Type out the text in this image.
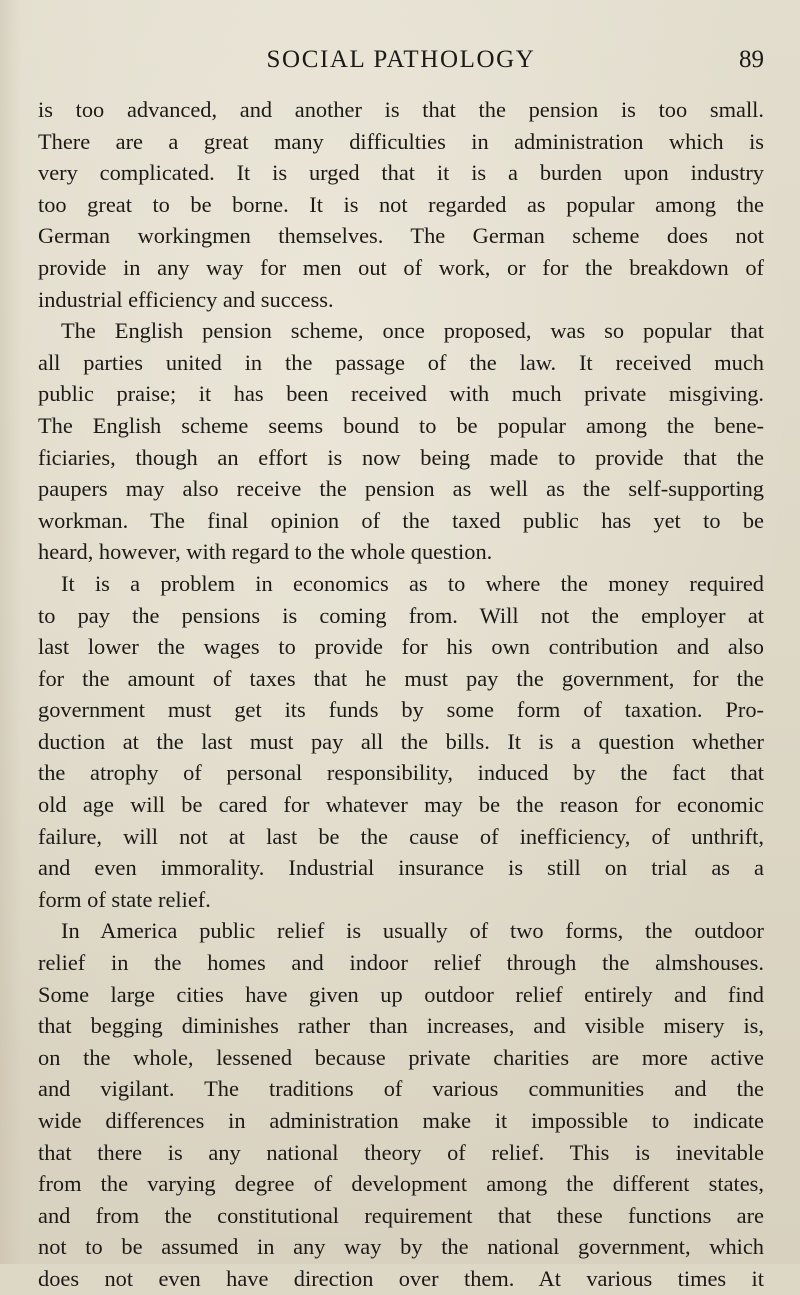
SOCIAL PATHOLOGY	89
is too advanced, and another is that the pension is too small.
There are a great many difficulties in administration which is
very complicated. It is urged that it is a burden upon industry
too great to be borne. It is not regarded as popular among the
German workingmen themselves. The German scheme does not
provide in any way for men out of work, or for the breakdown of
industrial efficiency and success.
The English pension scheme, once proposed, was so popular that
all parties united in the passage of the law. It received much
public praise; it has been received with much private misgiving.
The English scheme seems bound to be popular among the bene-
ficiaries, though an effort is now being made to provide that the
paupers may also receive the pension as well as the self-supporting
workman. The final opinion of the taxed public has yet to be
heard, however, with regard to the whole question.
It is a problem in economics as to where the money required
to pay the pensions is coming from. Will not the employer at
last lower the wages to provide for his own contribution and also
for the amount of taxes that he must pay the government, for the
government must get its funds by some form of taxation. Pro-
duction at the last must pay all the bills. It is a question whether
the atrophy of personal responsibility, induced by the fact that
old age will be cared for whatever may be the reason for economic
failure, will not at last be the cause of inefficiency, of unthrift,
and even immorality. Industrial insurance is still on trial as a
form of state relief.
In America public relief is usually of two forms, the outdoor
relief in the homes and indoor relief through the almshouses.
Some large cities have given up outdoor relief entirely and find
that begging diminishes rather than increases, and visible misery is,
on the whole, lessened because private charities are more active
and vigilant. The traditions of various communities and the
wide differences in administration make it impossible to indicate
that there is any national theory of relief. This is inevitable
from the varying degree of development among the different states,
and from the constitutional requirement that these functions are
not to be assumed in any way by the national government, which
does not even have direction over them. At various times it
